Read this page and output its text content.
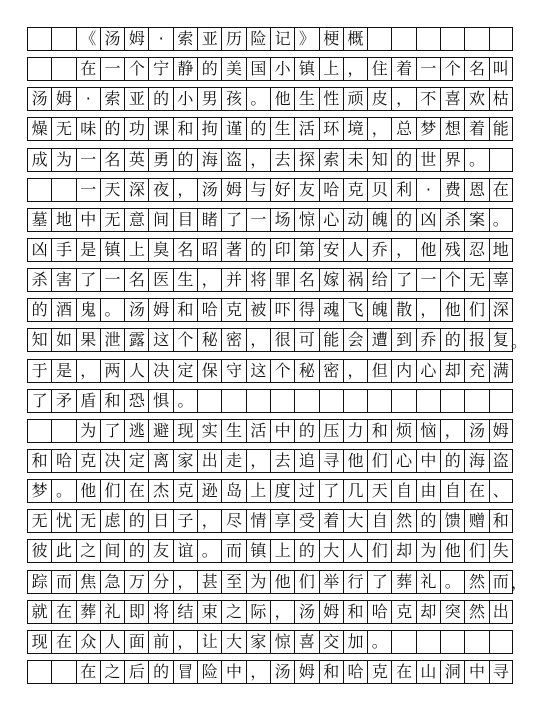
《 汤 姆 · 索 亚 历 险 记 》 梗 概
在 一 个 宁 静 的 美 国 小 镇 上 ， 住 着 一 个 名 叫
汤 姆 · 索 亚 的 小 男 孩 。 他 生 性 顽 皮 ， 不 喜 欢 枯
燥 无 味 的 功 课 和 拘 谨 的 生 活 环 境 ， 总 梦 想 着 能
成 为 一 名 英 勇 的 海 盗 ， 去 探 索 未 知 的 世 界 。
一 天 深 夜 ， 汤 姆 与 好 友 哈 克 贝 利 · 费 恩 在
墓 地 中 无 意 间 目 睹 了 一 场 惊 心 动 魄 的 凶 杀 案 。
凶 手 是 镇 上 臭 名 昭 著 的 印 第 安 人 乔 ， 他 残 忍 地
杀 害 了 一 名 医 生 ， 并 将 罪 名 嫁 祸 给 了 一 个 无 辜
的 酒 鬼 。 汤 姆 和 哈 克 被 吓 得 魂 飞 魄 散 ， 他 们 深
知 如 果 泄 露 这 个 秘 密 ， 很 可 能 会 遭 到 乔 的 报 复
于 是 ， 两 人 决 定 保 守 这 个 秘 密 ， 但 内 心 却 充 满
了 矛 盾 和 恐 惧 。
为 了 逃 避 现 实 生 活 中 的 压 力 和 烦 恼 ， 汤 姆
和 哈 克 决 定 离 家 出 走 ， 去 追 寻 他 们 心 中 的 海 盗
梦 。 他 们 在 杰 克 逊 岛 上 度 过 了 几 天 自 由 自 在 、
无 忧 无 虑 的 日 子 ， 尽 情 享 受 着 大 自 然 的 馈 赠 和
彼 此 之 间 的 友 谊 。 而 镇 上 的 大 人 们 却 为 他 们 失
踪 而 焦 急 万 分 ， 甚 至 为 他 们 举 行 了 葬 礼 。 然 而
就 在 葬 礼 即 将 结 束 之 际 ， 汤 姆 和 哈 克 却 突 然 出
现 在 众 人 面 前 ， 让 大 家 惊 喜 交 加 。
在 之 后 的 冒 险 中 ， 汤 姆 和 哈 克 在 山 洞 中 寻
。
，
